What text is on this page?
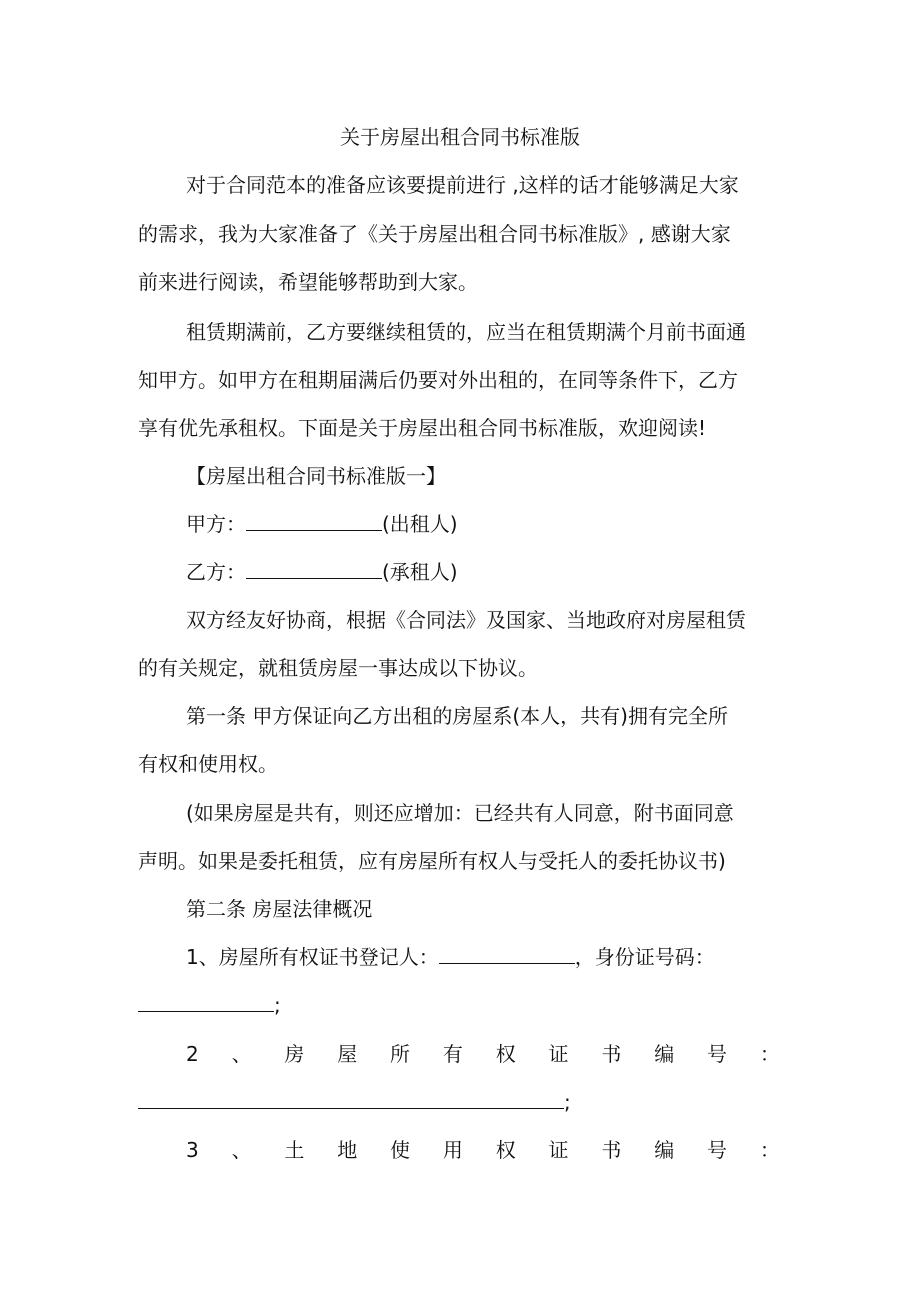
关于房屋出租合同书标准版
对于合同范本的准备应该要提前进行 ,这样的话才能够满足大家
的需求，我为大家准备了《关于房屋出租合同书标准版》, 感谢大家
前来进行阅读，希望能够帮助到大家。
租赁期满前，乙方要继续租赁的，应当在租赁期满个月前书面通
知甲方。如甲方在租期届满后仍要对外出租的，在同等条件下，乙方
享有优先承租权。下面是关于房屋出租合同书标准版，欢迎阅读!
【房屋出租合同书标准版一】
甲方：	(出租人)
乙方：	(承租人)
双方经友好协商，根据《合同法》及国家、当地政府对房屋租赁
的有关规定，就租赁房屋一事达成以下协议。
第一条 甲方保证向乙方出租的房屋系(本人，共有)拥有完全所
有权和使用权。
(如果房屋是共有，则还应增加：已经共有人同意，附书面同意
声明。如果是委托租赁，应有房屋所有权人与受托人的委托协议书)
第二条 房屋法律概况
1、房屋所有权证书登记人：	，身份证号码：
;
2 、 房 屋 所 有 权 证 书 编 号 ：
;
3 、 土 地 使 用 权 证 书 编 号 ：
